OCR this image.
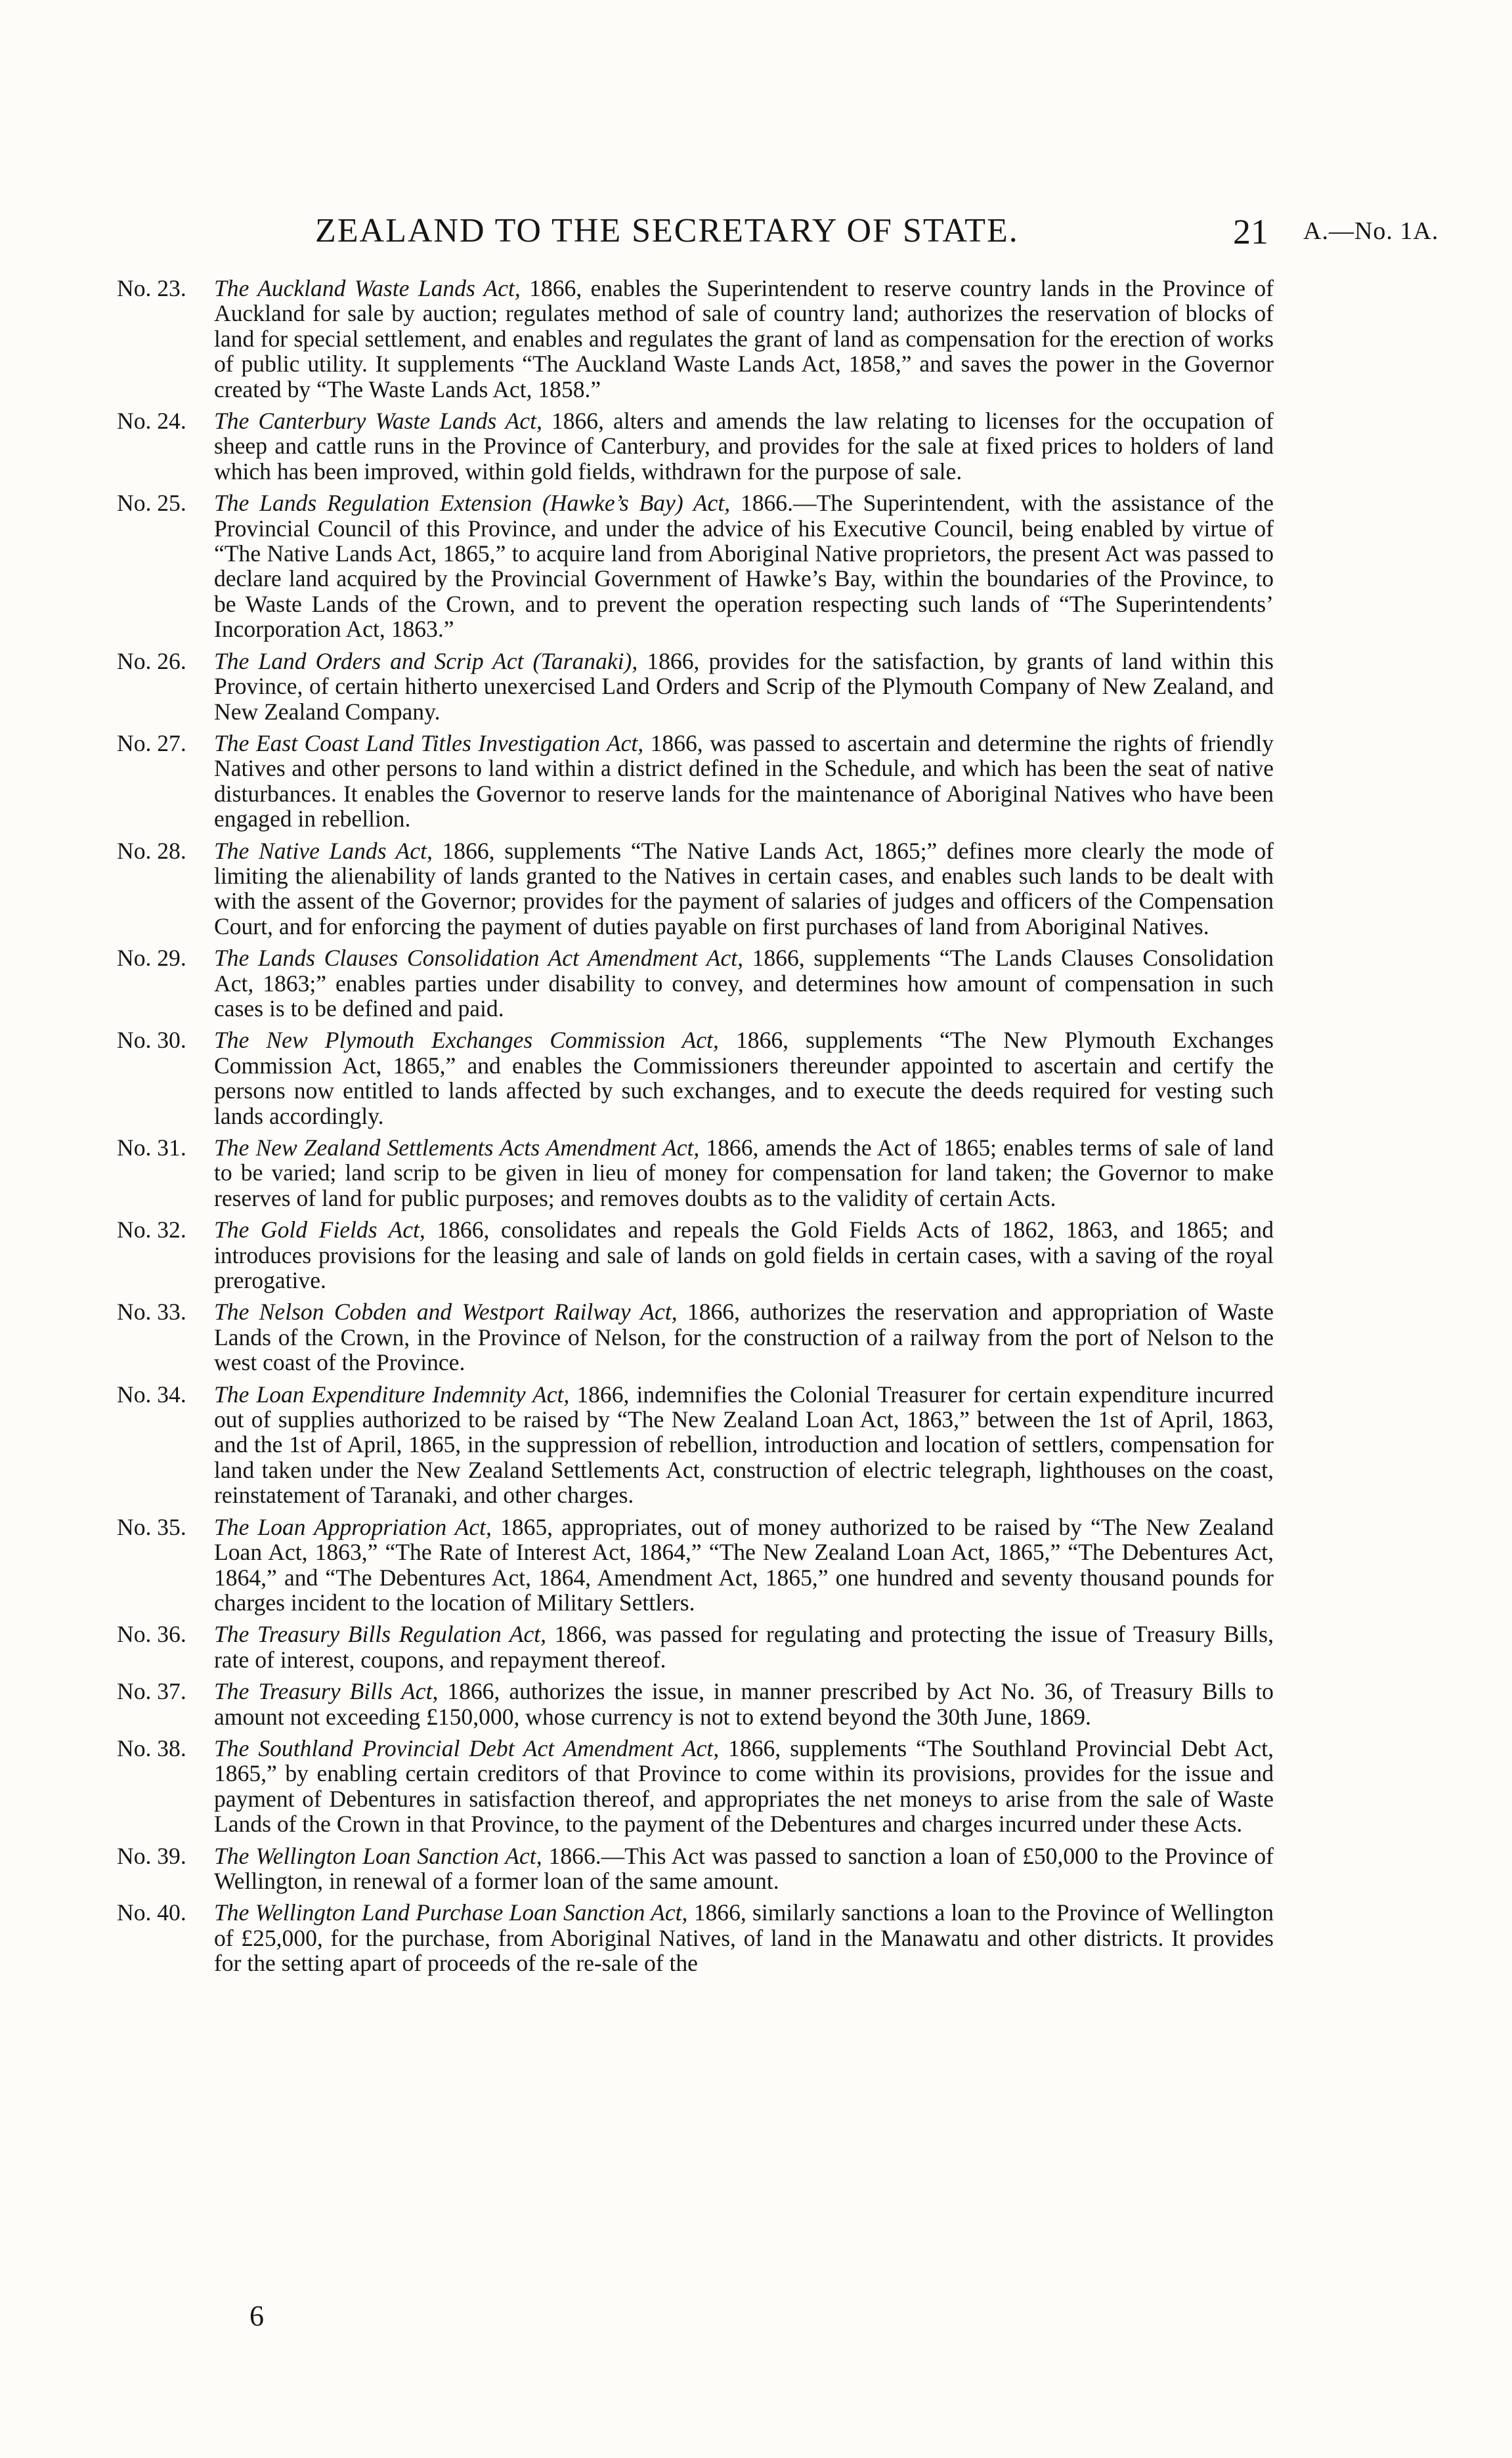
ZEALAND TO THE SECRETARY OF STATE.	21 A.—No. 1A.
No. 23. The Auckland Waste Lands Act, 1866, enables the Superintendent to reserve country lands in the Province of Auckland for sale by auction; regulates method of sale of country land; authorizes the reservation of blocks of land for special settlement, and enables and regulates the grant of land as compensation for the erection of works of public utility. It supplements “The Auckland Waste Lands Act, 1858,” and saves the power in the Governor created by “The Waste Lands Act, 1858.”
No. 24. The Canterbury Waste Lands Act, 1866, alters and amends the law relating to licenses for the occupation of sheep and cattle runs in the Province of Canterbury, and provides for the sale at fixed prices to holders of land which has been improved, within gold fields, withdrawn for the purpose of sale.
No. 25. The Lands Regulation Extension (Hawke’s Bay) Act, 1866.—The Superintendent, with the assistance of the Provincial Council of this Province, and under the advice of his Executive Council, being enabled by virtue of “The Native Lands Act, 1865,” to acquire land from Aboriginal Native proprietors, the present Act was passed to declare land acquired by the Provincial Government of Hawke’s Bay, within the boundaries of the Province, to be Waste Lands of the Crown, and to prevent the operation respecting such lands of “The Superintendents’ Incorporation Act, 1863.”
No. 26. The Land Orders and Scrip Act (Taranaki), 1866, provides for the satisfaction, by grants of land within this Province, of certain hitherto unexercised Land Orders and Scrip of the Plymouth Company of New Zealand, and New Zealand Company.
No. 27. The East Coast Land Titles Investigation Act, 1866, was passed to ascertain and determine the rights of friendly Natives and other persons to land within a district defined in the Schedule, and which has been the seat of native disturbances. It enables the Governor to reserve lands for the maintenance of Aboriginal Natives who have been engaged in rebellion.
No. 28. The Native Lands Act, 1866, supplements “The Native Lands Act, 1865;” defines more clearly the mode of limiting the alienability of lands granted to the Natives in certain cases, and enables such lands to be dealt with with the assent of the Governor; provides for the payment of salaries of judges and officers of the Compensation Court, and for enforcing the payment of duties payable on first purchases of land from Aboriginal Natives.
No. 29. The Lands Clauses Consolidation Act Amendment Act, 1866, supplements “The Lands Clauses Consolidation Act, 1863;” enables parties under disability to convey, and determines how amount of compensation in such cases is to be defined and paid.
No. 30. The New Plymouth Exchanges Commission Act, 1866, supplements “The New Plymouth Exchanges Commission Act, 1865,” and enables the Commissioners thereunder appointed to ascertain and certify the persons now entitled to lands affected by such exchanges, and to execute the deeds required for vesting such lands accordingly.
No. 31. The New Zealand Settlements Acts Amendment Act, 1866, amends the Act of 1865; enables terms of sale of land to be varied; land scrip to be given in lieu of money for compensation for land taken; the Governor to make reserves of land for public purposes; and removes doubts as to the validity of certain Acts.
No. 32. The Gold Fields Act, 1866, consolidates and repeals the Gold Fields Acts of 1862, 1863, and 1865; and introduces provisions for the leasing and sale of lands on gold fields in certain cases, with a saving of the royal prerogative.
No. 33. The Nelson Cobden and Westport Railway Act, 1866, authorizes the reservation and appropriation of Waste Lands of the Crown, in the Province of Nelson, for the construction of a railway from the port of Nelson to the west coast of the Province.
No. 34. The Loan Expenditure Indemnity Act, 1866, indemnifies the Colonial Treasurer for certain expenditure incurred out of supplies authorized to be raised by “The New Zealand Loan Act, 1863,” between the 1st of April, 1863, and the 1st of April, 1865, in the suppression of rebellion, introduction and location of settlers, compensation for land taken under the New Zealand Settlements Act, construction of electric telegraph, lighthouses on the coast, reinstatement of Taranaki, and other charges.
No. 35. The Loan Appropriation Act, 1865, appropriates, out of money authorized to be raised by “The New Zealand Loan Act, 1863,” “The Rate of Interest Act, 1864,” “The New Zealand Loan Act, 1865,” “The Debentures Act, 1864,” and “The Debentures Act, 1864, Amendment Act, 1865,” one hundred and seventy thousand pounds for charges incident to the location of Military Settlers.
No. 36. The Treasury Bills Regulation Act, 1866, was passed for regulating and protecting the issue of Treasury Bills, rate of interest, coupons, and repayment thereof.
No. 37. The Treasury Bills Act, 1866, authorizes the issue, in manner prescribed by Act No. 36, of Treasury Bills to amount not exceeding £150,000, whose currency is not to extend beyond the 30th June, 1869.
No. 38. The Southland Provincial Debt Act Amendment Act, 1866, supplements “The Southland Provincial Debt Act, 1865,” by enabling certain creditors of that Province to come within its provisions, provides for the issue and payment of Debentures in satisfaction thereof, and appropriates the net moneys to arise from the sale of Waste Lands of the Crown in that Province, to the payment of the Debentures and charges incurred under these Acts.
No. 39. The Wellington Loan Sanction Act, 1866.—This Act was passed to sanction a loan of £50,000 to the Province of Wellington, in renewal of a former loan of the same amount.
No. 40. The Wellington Land Purchase Loan Sanction Act, 1866, similarly sanctions a loan to the Province of Wellington of £25,000, for the purchase, from Aboriginal Natives, of land in the Manawatu and other districts. It provides for the setting apart of proceeds of the re-sale of the
6
